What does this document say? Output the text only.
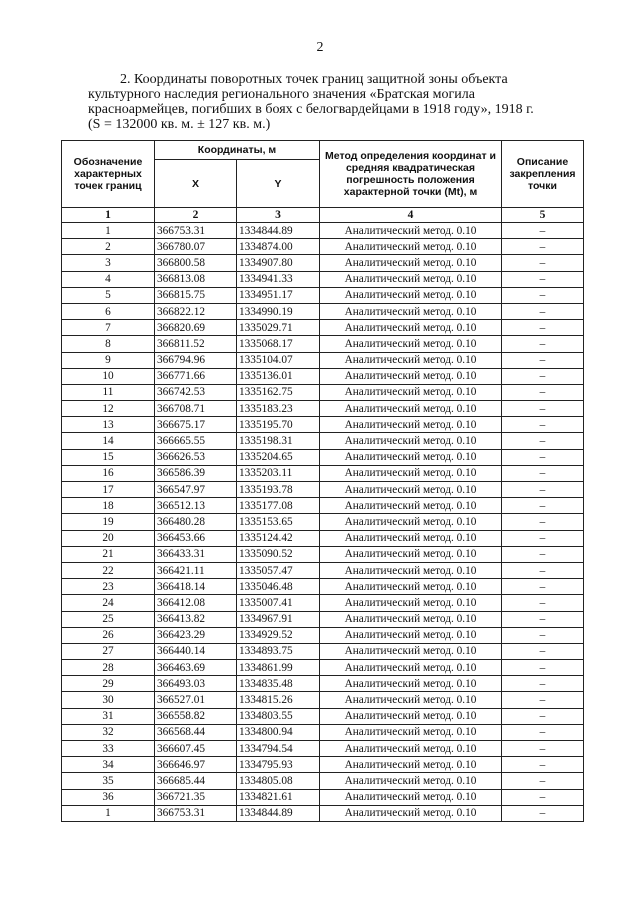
2

2. Координаты поворотных точек границ защитной зоны объекта

культурного наследия регионального значения «Братская могила

красноармейцев, погибших в боях с белогвардейцами в 1918 году», 1918 г.

(S = 132000 кв. м. ± 127 кв. м.)

Обозначение характерных точек границ	Координаты, м		Метод определения координат и средняя квадратическая погрешность положения характерной точки (Mt), м	Описание закрепления точки
	X	Y		
1	2	3	4	5
1	366753.31	1334844.89	Аналитический метод. 0.10	–
2	366780.07	1334874.00	Аналитический метод. 0.10	–
3	366800.58	1334907.80	Аналитический метод. 0.10	–
4	366813.08	1334941.33	Аналитический метод. 0.10	–
5	366815.75	1334951.17	Аналитический метод. 0.10	–
6	366822.12	1334990.19	Аналитический метод. 0.10	–
7	366820.69	1335029.71	Аналитический метод. 0.10	–
8	366811.52	1335068.17	Аналитический метод. 0.10	–
9	366794.96	1335104.07	Аналитический метод. 0.10	–
10	366771.66	1335136.01	Аналитический метод. 0.10	–
11	366742.53	1335162.75	Аналитический метод. 0.10	–
12	366708.71	1335183.23	Аналитический метод. 0.10	–
13	366675.17	1335195.70	Аналитический метод. 0.10	–
14	366665.55	1335198.31	Аналитический метод. 0.10	–
15	366626.53	1335204.65	Аналитический метод. 0.10	–
16	366586.39	1335203.11	Аналитический метод. 0.10	–
17	366547.97	1335193.78	Аналитический метод. 0.10	–
18	366512.13	1335177.08	Аналитический метод. 0.10	–
19	366480.28	1335153.65	Аналитический метод. 0.10	–
20	366453.66	1335124.42	Аналитический метод. 0.10	–
21	366433.31	1335090.52	Аналитический метод. 0.10	–
22	366421.11	1335057.47	Аналитический метод. 0.10	–
23	366418.14	1335046.48	Аналитический метод. 0.10	–
24	366412.08	1335007.41	Аналитический метод. 0.10	–
25	366413.82	1334967.91	Аналитический метод. 0.10	–
26	366423.29	1334929.52	Аналитический метод. 0.10	–
27	366440.14	1334893.75	Аналитический метод. 0.10	–
28	366463.69	1334861.99	Аналитический метод. 0.10	–
29	366493.03	1334835.48	Аналитический метод. 0.10	–
30	366527.01	1334815.26	Аналитический метод. 0.10	–
31	366558.82	1334803.55	Аналитический метод. 0.10	–
32	366568.44	1334800.94	Аналитический метод. 0.10	–
33	366607.45	1334794.54	Аналитический метод. 0.10	–
34	366646.97	1334795.93	Аналитический метод. 0.10	–
35	366685.44	1334805.08	Аналитический метод. 0.10	–
36	366721.35	1334821.61	Аналитический метод. 0.10	–
1	366753.31	1334844.89	Аналитический метод. 0.10	–
